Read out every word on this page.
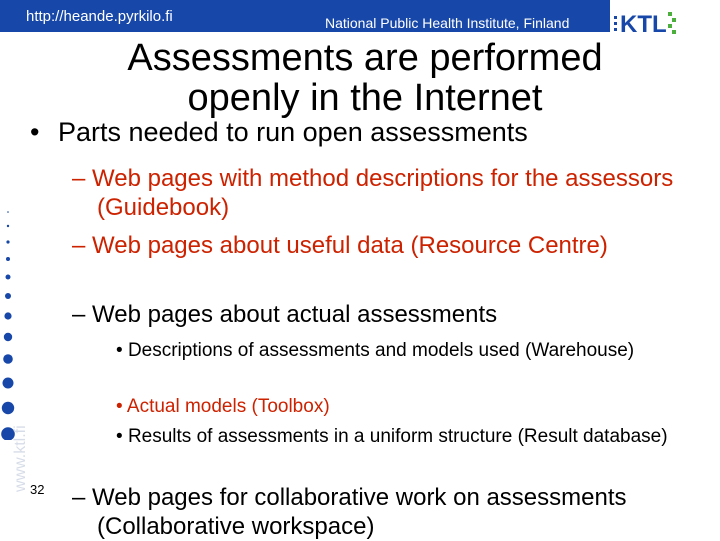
http://heande.pyrkilo.fi	National Public Health Institute, Finland KTL
Assessments are performed
openly in the Internet
www.ktl.fi 32
• Parts needed to run open assessments
– Web pages with method descriptions for the assessors (Guidebook)
– Web pages about useful data (Resource Centre)
– Web pages about actual assessments
• Descriptions of assessments and models used (Warehouse)
• Actual models (Toolbox)
• Results of assessments in a uniform structure (Result database)
– Web pages for collaborative work on assessments (Collaborative workspace)
